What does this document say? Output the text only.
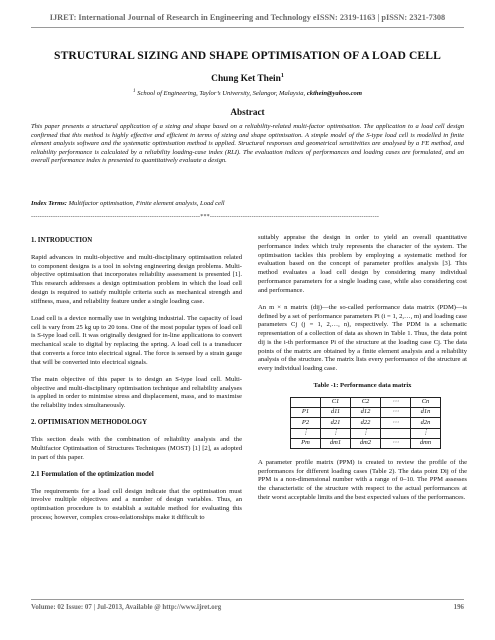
IJRET: International Journal of Research in Engineering and Technology eISSN: 2319-1163 | pISSN: 2321-7308
STRUCTURAL SIZING AND SHAPE OPTIMISATION OF A LOAD CELL
Chung Ket Thein$^1$
$^1$ School of Engineering, Taylor’s University, Selangor, Malaysia, ckthein@yahoo.com
Abstract
This paper presents a structural application of a sizing and shape based on a reliability-related multi-factor optimisation. The application to a load cell design confirmed that this method is highly effective and efficient in terms of sizing and shape optimisation. A simple model of the S-type load cell is modelled in finite element analysis software and the systematic optimisation method is applied. Structural responses and geometrical sensitivities are analysed by a FE method, and reliability performance is calculated by a reliability loading-case index (RLI). The evaluation indices of performances and loading cases are formulated, and an overall performance index is presented to quantitatively evaluate a design.
Index Terms: Multifactor optimisation, Finite element analysis, Load cell
-----------------------------------------------------------------------------***-----------------------------------------------------------------------------
1. INTRODUCTION

Rapid advances in multi-objective and multi-disciplinary optimisation related to component designs is a tool in solving engineering design problems. Multi-objective optimisation that incorporates reliability assessment is presented [1]. This research addresses a design optimisation problem in which the load cell design is required to satisfy multiple criteria such as mechanical strength and stiffness, mass, and reliability feature under a single loading case.

Load cell is a device normally use in weighing industrial. The capacity of load cell is vary from 25 kg up to 20 tons. One of the most popular types of load cell is S-type load cell. It was originally designed for in-line applications to convert mechanical scale to digital by replacing the spring. A load cell is a transducer that converts a force into electrical signal. The force is sensed by a strain gauge that will be converted into electrical signals.

The main objective of this paper is to design an S-type load cell. Multi-objective and multi-disciplinary optimisation technique and reliability analyses is applied in order to minimise stress and displacement, mass, and to maximise the reliability index simultaneously.

2. OPTIMISATION METHODOLOGY

This section deals with the combination of reliability analysis and the Multifactor Optimisation of Structures Techniques (MOST) [1] [2], as adopted in part of this paper.

2.1 Formulation of the optimization model

The requirements for a load cell design indicate that the optimisation must involve multiple objectives and a number of design variables. Thus, an optimisation procedure is to establish a suitable method for evaluating this process; however, complex cross-relationships make it difficult to

suitably appraise the design in order to yield an overall quantitative performance index which truly represents the character of the system. The optimisation tackles this problem by employing a systematic method for evaluation based on the concept of parameter profiles analysis [3]. This method evaluates a load cell design by considering many individual performance parameters for a single loading case, while also considering cost and performance.

An m × n matrix (dij)—the so-called performance data matrix (PDM)—is defined by a set of performance parameters Pi (i = 1, 2,…, m) and loading case parameters Cj (j = 1, 2,…, n), respectively. The PDM is a schematic representation of a collection of data as shown in Table 1. Thus, the data point dij is the i-th performance Pi of the structure at the loading case Cj. The data points of the matrix are obtained by a finite element analysis and a reliability analysis of the structure. The matrix lists every performance of the structure at every individual loading case.

Table -1: Performance data matrix
	C1	C2	⋯	Cn
P1	d11	d12	⋯	d1n
P2	d21	d22	⋯	d2n
⋮	⋮	⋮		⋮
Pm	dm1	dm2	⋯	dmn

A parameter profile matrix (PPM) is created to review the profile of the performances for different loading cases (Table 2). The data point Dij of the PPM is a non-dimensional number with a range of 0–10. The PPM assesses the characteristic of the structure with respect to the actual performances at their worst acceptable limits and the best expected values of the performances.

Volume: 02 Issue: 07 | Jul-2013, Available @ http://www.ijret.org	196
